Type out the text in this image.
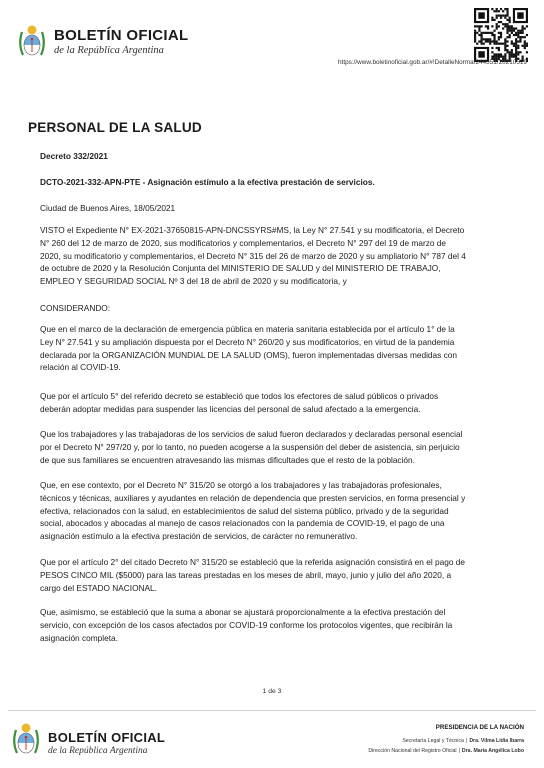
BOLETÍN OFICIAL
de la República Argentina
https://www.boletinoficial.gob.ar/#!DetalleNorma/244551/20210519
PERSONAL DE LA SALUD
Decreto 332/2021
DCTO-2021-332-APN-PTE - Asignación estímulo a la efectiva prestación de servicios.
Ciudad de Buenos Aires, 18/05/2021
VISTO el Expediente N° EX-2021-37650815-APN-DNCSSYRS#MS, la Ley N° 27.541 y su modificatoria, el Decreto
N° 260 del 12 de marzo de 2020, sus modificatorios y complementarios, el Decreto N° 297 del 19 de marzo de
2020, su modificatorio y complementarios, el Decreto N° 315 del 26 de marzo de 2020 y su ampliatorio N° 787 del 4
de octubre de 2020 y la Resolución Conjunta del MINISTERIO DE SALUD y del MINISTERIO DE TRABAJO,
EMPLEO Y SEGURIDAD SOCIAL Nº 3 del 18 de abril de 2020 y su modificatoria, y
CONSIDERANDO:
Que en el marco de la declaración de emergencia pública en materia sanitaria establecida por el artículo 1° de la
Ley N° 27.541 y su ampliación dispuesta por el Decreto N° 260/20 y sus modificatorios, en virtud de la pandemia
declarada por la ORGANIZACIÓN MUNDIAL DE LA SALUD (OMS), fueron implementadas diversas medidas con
relación al COVID-19.
Que por el artículo 5° del referido decreto se estableció que todos los efectores de salud públicos o privados
deberán adoptar medidas para suspender las licencias del personal de salud afectado a la emergencia.
Que los trabajadores y las trabajadoras de los servicios de salud fueron declarados y declaradas personal esencial
por el Decreto N° 297/20 y, por lo tanto, no pueden acogerse a la suspensión del deber de asistencia, sin perjuicio
de que sus familiares se encuentren atravesando las mismas dificultades que el resto de la población.
Que, en ese contexto, por el Decreto N° 315/20 se otorgó a los trabajadores y las trabajadoras profesionales,
técnicos y técnicas, auxiliares y ayudantes en relación de dependencia que presten servicios, en forma presencial y
efectiva, relacionados con la salud, en establecimientos de salud del sistema público, privado y de la seguridad
social, abocados y abocadas al manejo de casos relacionados con la pandemia de COVID-19, el pago de una
asignación estímulo a la efectiva prestación de servicios, de carácter no remunerativo.
Que por el artículo 2° del citado Decreto N° 315/20 se estableció que la referida asignación consistirá en el pago de
PESOS CINCO MIL ($5000) para las tareas prestadas en los meses de abril, mayo, junio y julio del año 2020, a
cargo del ESTADO NACIONAL.
Que, asimismo, se estableció que la suma a abonar se ajustará proporcionalmente a la efectiva prestación del
servicio, con excepción de los casos afectados por COVID-19 conforme los protocolos vigentes, que recibirán la
asignación completa.
1 de 3
BOLETÍN OFICIAL
de la República Argentina
PRESIDENCIA DE LA NACIÓN
Secretaría Legal y Técnica | Dra. Vilma Lidia Ibarra
Dirección Nacional del Registro Oficial | Dra. María Angélica Lobo
